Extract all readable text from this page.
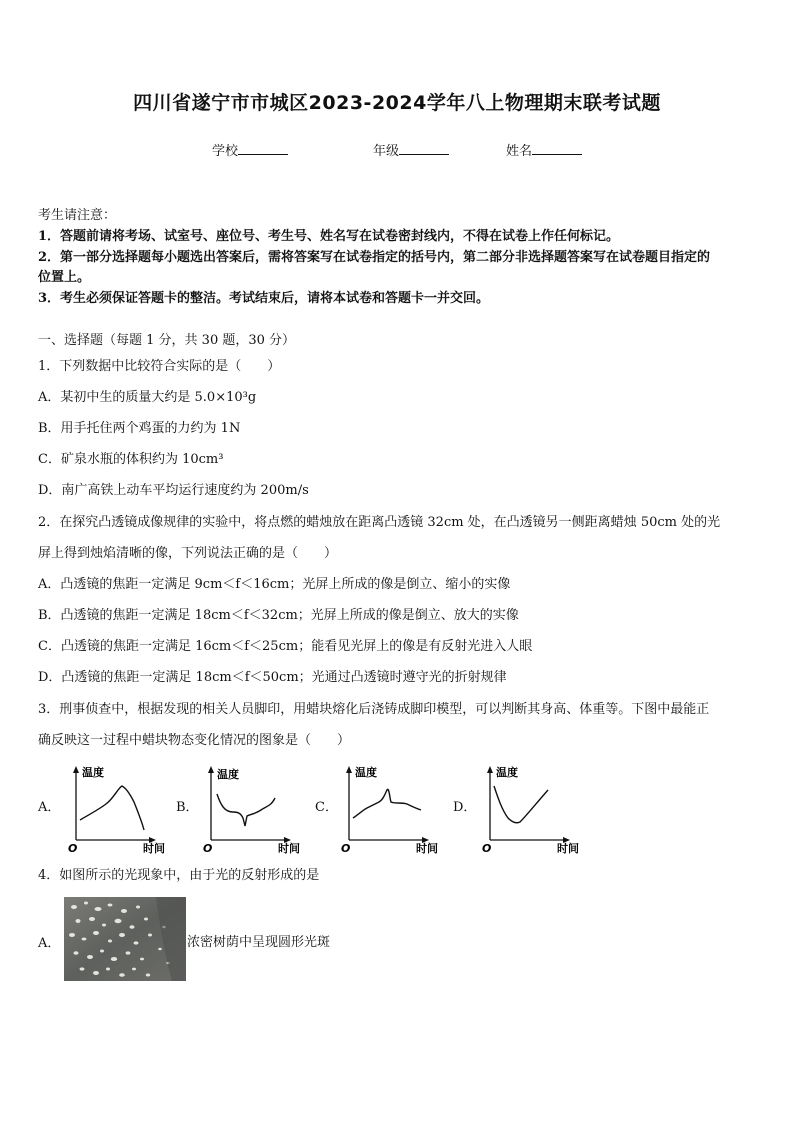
四川省遂宁市市城区2023-2024学年八上物理期末联考试题
学校	年级	姓名
考生请注意：
1．答题前请将考场、试室号、座位号、考生号、姓名写在试卷密封线内，不得在试卷上作任何标记。
2．第一部分选择题每小题选出答案后，需将答案写在试卷指定的括号内，第二部分非选择题答案写在试卷题目指定的
位置上。
3．考生必须保证答题卡的整洁。考试结束后，请将本试卷和答题卡一并交回。
一、选择题（每题 1 分，共 30 题，30 分）
1．下列数据中比较符合实际的是（　　）
A．某初中生的质量大约是 5.0×10³g
B．用手托住两个鸡蛋的力约为 1N
C．矿泉水瓶的体积约为 10cm³
D．南广高铁上动车平均运行速度约为 200m/s
2．在探究凸透镜成像规律的实验中，将点燃的蜡烛放在距离凸透镜 32cm 处，在凸透镜另一侧距离蜡烛 50cm 处的光
屏上得到烛焰清晰的像，下列说法正确的是（　　）
A．凸透镜的焦距一定满足 9cm＜f＜16cm；光屏上所成的像是倒立、缩小的实像
B．凸透镜的焦距一定满足 18cm＜f＜32cm；光屏上所成的像是倒立、放大的实像
C．凸透镜的焦距一定满足 16cm＜f＜25cm；能看见光屏上的像是有反射光进入人眼
D．凸透镜的焦距一定满足 18cm＜f＜50cm；光通过凸透镜时遵守光的折射规律
3．刑事侦查中，根据发现的相关人员脚印，用蜡块熔化后浇铸成脚印模型，可以判断其身高、体重等。下图中最能正
确反映这一过程中蜡块物态变化情况的图象是（　　）
A．	B．	C．	D．
温度
时间
O
温度
时间
O
温度
时间
O
温度
时间
O
4．如图所示的光现象中，由于光的反射形成的是
A．	浓密树荫中呈现圆形光斑
